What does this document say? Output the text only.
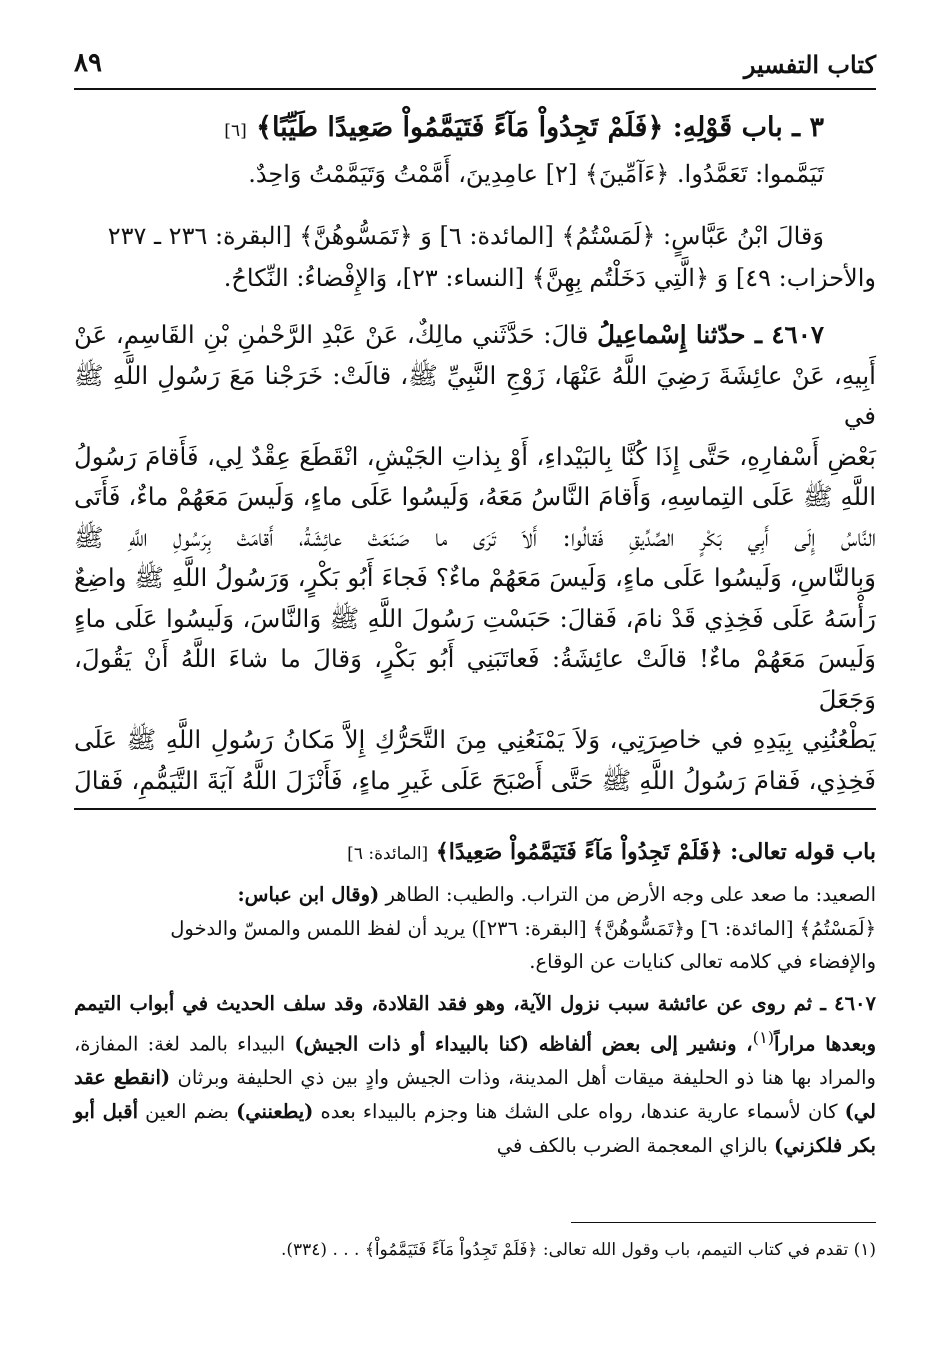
كتاب التفسير
٨٩
٣ ـ باب قَوْلِهِ: ﴿فَلَمْ تَجِدُواْ مَآءً فَتَيَمَّمُواْ صَعِيدًا طَيِّبًا﴾ [٦]

تَيَمَّموا: تَعَمَّدُوا. ﴿ءَآمِّينَ﴾ [٢] عامِدِينَ، أَمَّمْتُ وَتَيَمَّمْتُ وَاحِدٌ.

وَقالَ ابْنُ عَبَّاسٍ: ﴿لَمَسْتُمُ﴾ [المائدة: ٦] وَ ﴿تَمَسُّوهُنَّ﴾ [البقرة: ٢٣٦ ـ ٢٣٧

والأحزاب: ٤٩] وَ ﴿الَّتِي دَخَلْتُم بِهِنَّ﴾ [النساء: ٢٣]، وَالإِفْضاءُ: النِّكاحُ.

٤٦٠٧ ـ حدّثنا إِسْماعِيلُ قالَ: حَدَّثَني مالِكٌ، عَنْ عَبْدِ الرَّحْمٰنِ بْنِ القَاسِمِ، عَنْ
أَبِيهِ، عَنْ عائِشَةَ رَضِيَ اللَّهُ عَنْهَا، زَوْجِ النَّبِيِّ ﷺ، قالَتْ: خَرَجْنا مَعَ رَسُولِ اللَّهِ ﷺ في
بَعْضِ أَسْفارِهِ، حَتَّى إِذَا كُنَّا بِالبَيْداءِ، أَوْ بِذاتِ الجَيْشِ، انْقَطَعَ عِقْدٌ لِي، فَأَقامَ رَسُولُ
اللَّهِ ﷺ عَلَى التِماسِهِ، وَأَقامَ النَّاسُ مَعَهُ، وَلَيسُوا عَلَى ماءٍ، وَلَيسَ مَعَهُمْ ماءٌ، فَأَتَى
النَّاسُ إِلَى أَبِي بَكْرٍ الصِّدِّيقِ فَقالُوا: أَلاَ تَرَى ما صَنَعَتْ عائِشَةُ، أَقامَتْ بِرَسُولِ اللَّهِ ﷺ
وَبِالنَّاسِ، وَلَيسُوا عَلَى ماءٍ، وَلَيسَ مَعَهُمْ ماءٌ؟ فَجاءَ أَبُو بَكْرٍ، وَرَسُولُ اللَّهِ ﷺ واضِعٌ
رَأْسَهُ عَلَى فَخِذِي قَدْ نامَ، فَقالَ: حَبَسْتِ رَسُولَ اللَّهِ ﷺ وَالنَّاسَ، وَلَيسُوا عَلَى ماءٍ
وَلَيسَ مَعَهُمْ ماءٌ! قالَتْ عائِشَةُ: فَعاتَبَنِي أَبُو بَكْرٍ، وَقالَ ما شاءَ اللَّهُ أَنْ يَقُولَ، وَجَعَلَ
يَطْعُنُنِي بِيَدِهِ في خاصِرَتِي، وَلاَ يَمْنَعُنِي مِنَ التَّحَرُّكِ إِلاَّ مَكانُ رَسُولِ اللَّهِ ﷺ عَلَى
فَخِذِي، فَقامَ رَسُولُ اللَّهِ ﷺ حَتَّى أَصْبَحَ عَلَى غَيرِ ماءٍ، فَأَنْزَلَ اللَّهُ آيَةَ التَّيَمُّمِ، فَقالَ
باب قوله تعالى: ﴿فَلَمْ تَجِدُواْ مَآءً فَتَيَمَّمُواْ صَعِيدًا﴾ [المائدة: ٦]
الصعيد: ما صعد على وجه الأرض من التراب. والطيب: الطاهر (وقال ابن عباس:
﴿لَمَسْتُمُ﴾ [المائدة: ٦] و﴿تَمَسُّوهُنَّ﴾ [البقرة: ٢٣٦]) يريد أن لفظ اللمس والمسّ والدخول
والإفضاء في كلامه تعالى كنايات عن الوقاع.
٤٦٠٧ ـ ثم روى عن عائشة سبب نزول الآية، وهو فقد القلادة، وقد سلف الحديث في أبواب التيمم وبعدها مراراً$^{(١)}$، ونشير إلى بعض ألفاظه (كنا بالبيداء أو ذات الجيش) البيداء بالمد لغة: المفازة، والمراد بها هنا ذو الحليفة ميقات أهل المدينة، وذات الجيش وادٍ بين ذي الحليفة وبرثان (انقطع عقد لي) كان لأسماء عارية عندها، رواه على الشك هنا وجزم بالبيداء بعده (يطعنني) بضم العين أقبل أبو بكر فلكزني) بالزاي المعجمة الضرب بالكف في
(١) تقدم في كتاب التيمم، باب وقول الله تعالى: ﴿فَلَمْ تَجِدُواْ مَآءً فَتَيَمَّمُواْ﴾ . . . (٣٣٤).
